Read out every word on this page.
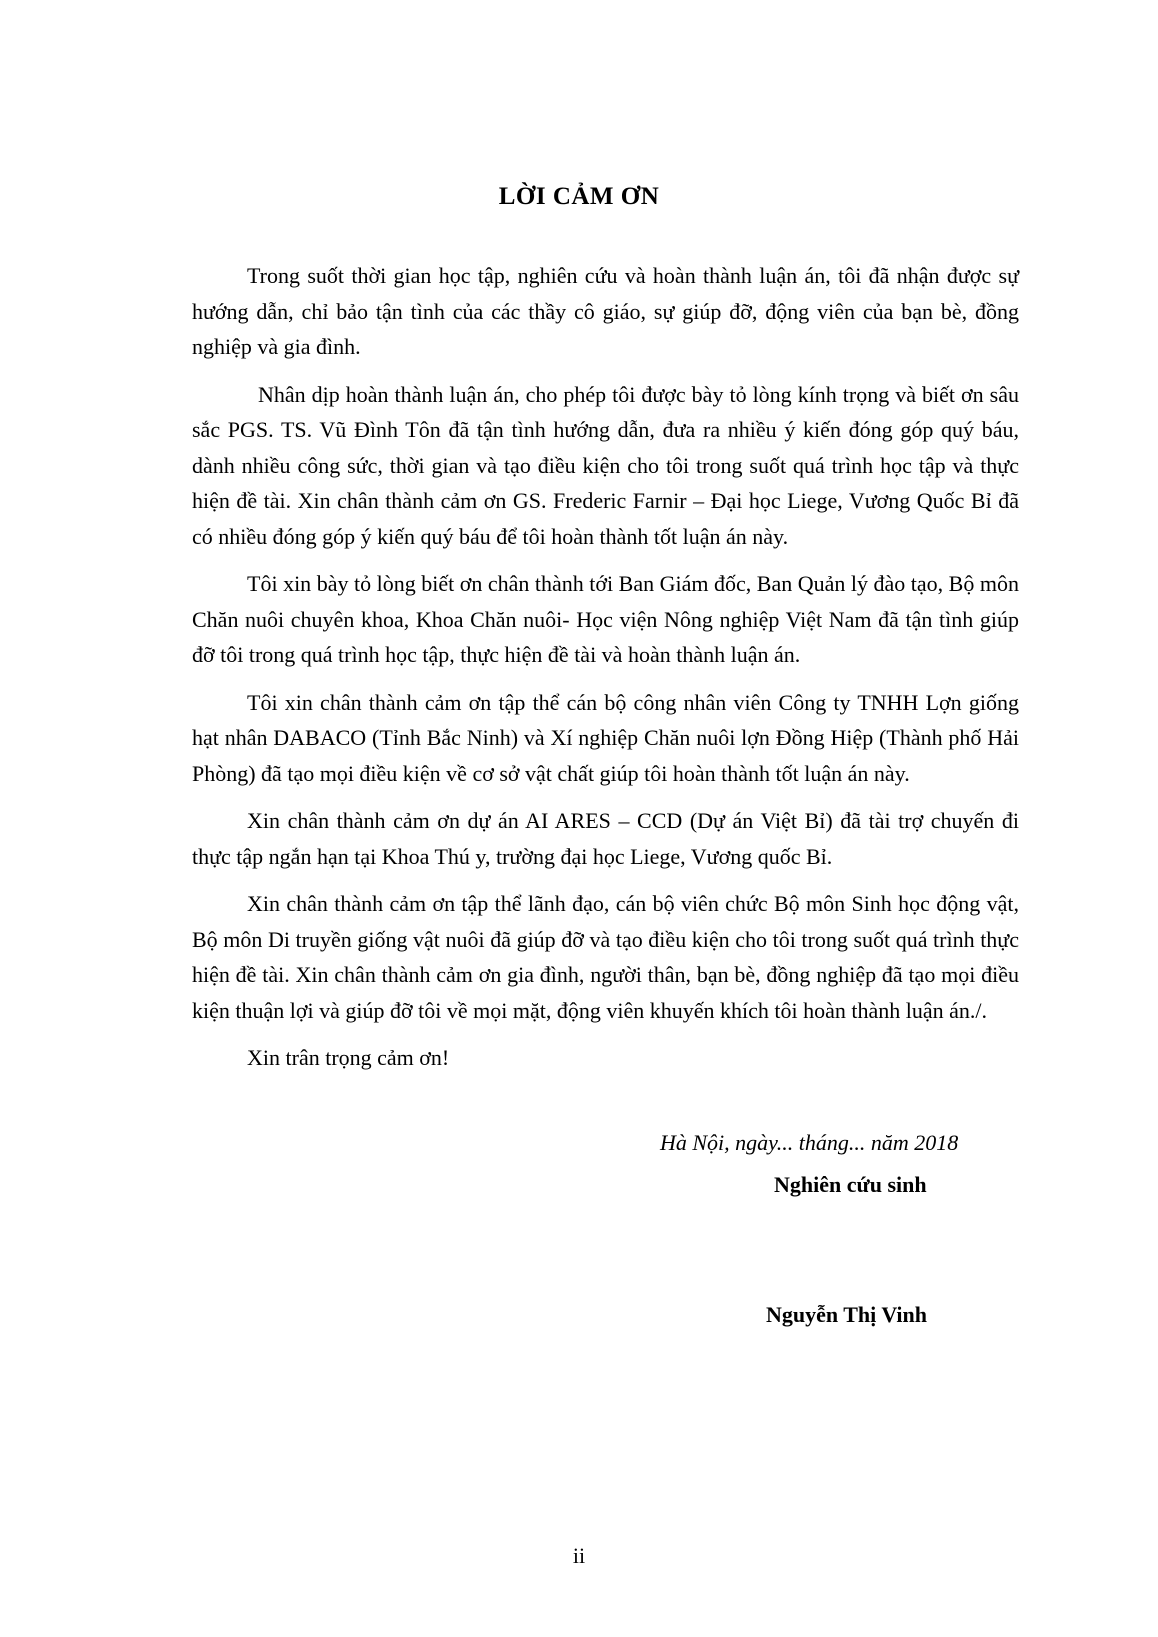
LỜI CẢM ƠN

Trong suốt thời gian học tập, nghiên cứu và hoàn thành luận án, tôi đã nhận được sự hướng dẫn, chỉ bảo tận tình của các thầy cô giáo, sự giúp đỡ, động viên của bạn bè, đồng nghiệp và gia đình.

Nhân dịp hoàn thành luận án, cho phép tôi được bày tỏ lòng kính trọng và biết ơn sâu sắc PGS. TS. Vũ Đình Tôn đã tận tình hướng dẫn, đưa ra nhiều ý kiến đóng góp quý báu, dành nhiều công sức, thời gian và tạo điều kiện cho tôi trong suốt quá trình học tập và thực hiện đề tài. Xin chân thành cảm ơn GS. Frederic Farnir – Đại học Liege, Vương Quốc Bỉ đã có nhiều đóng góp ý kiến quý báu để tôi hoàn thành tốt luận án này.

Tôi xin bày tỏ lòng biết ơn chân thành tới Ban Giám đốc, Ban Quản lý đào tạo, Bộ môn Chăn nuôi chuyên khoa, Khoa Chăn nuôi- Học viện Nông nghiệp Việt Nam đã tận tình giúp đỡ tôi trong quá trình học tập, thực hiện đề tài và hoàn thành luận án.

Tôi xin chân thành cảm ơn tập thể cán bộ công nhân viên Công ty TNHH Lợn giống hạt nhân DABACO (Tỉnh Bắc Ninh) và Xí nghiệp Chăn nuôi lợn Đồng Hiệp (Thành phố Hải Phòng) đã tạo mọi điều kiện về cơ sở vật chất giúp tôi hoàn thành tốt luận án này.

Xin chân thành cảm ơn dự án AI ARES – CCD (Dự án Việt Bỉ) đã tài trợ chuyến đi thực tập ngắn hạn tại Khoa Thú y, trường đại học Liege, Vương quốc Bỉ.

Xin chân thành cảm ơn tập thể lãnh đạo, cán bộ viên chức Bộ môn Sinh học động vật, Bộ môn Di truyền giống vật nuôi đã giúp đỡ và tạo điều kiện cho tôi trong suốt quá trình thực hiện đề tài. Xin chân thành cảm ơn gia đình, người thân, bạn bè, đồng nghiệp đã tạo mọi điều kiện thuận lợi và giúp đỡ tôi về mọi mặt, động viên khuyến khích tôi hoàn thành luận án./.

Xin trân trọng cảm ơn!

Hà Nội, ngày... tháng... năm 2018

Nghiên cứu sinh

Nguyễn Thị Vinh

ii
